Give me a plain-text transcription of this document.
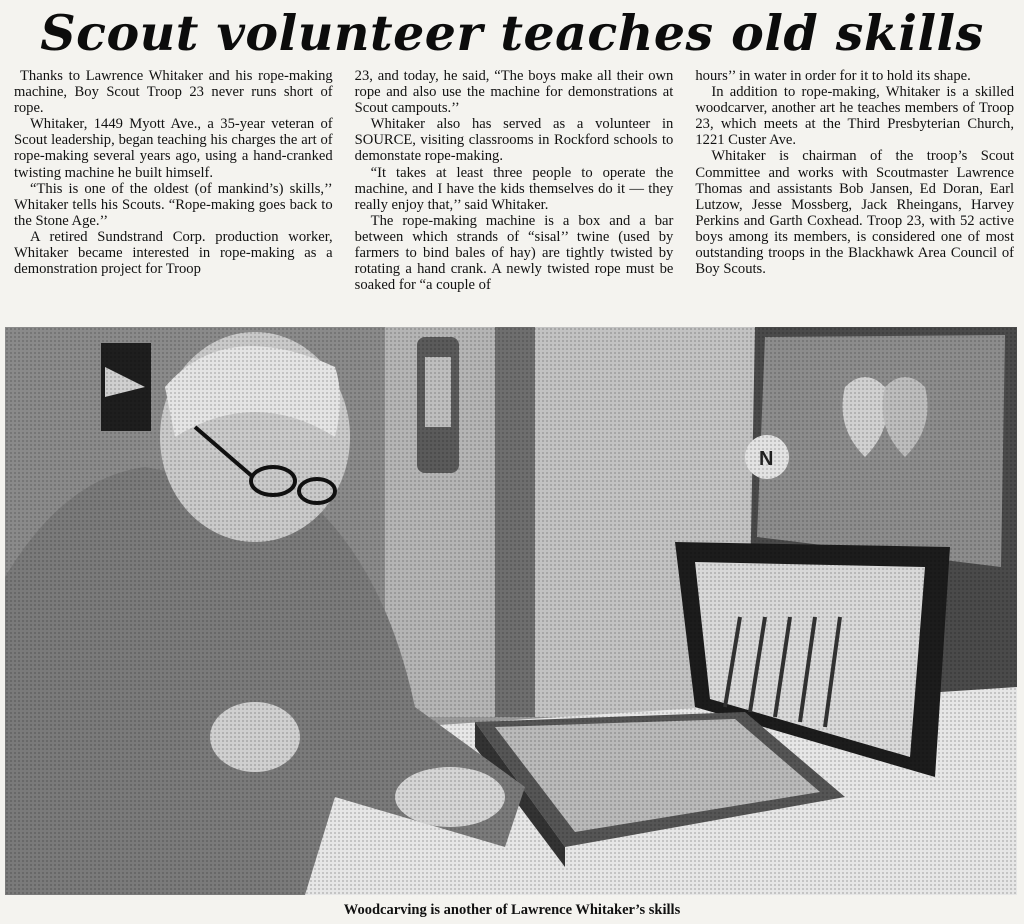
Scout volunteer teaches old skills

Thanks to Lawrence Whitaker and his rope-making machine, Boy Scout Troop 23 never runs short of rope.

Whitaker, 1449 Myott Ave., a 35-year veteran of Scout leadership, began teaching his charges the art of rope-making several years ago, using a hand-cranked twisting machine he built himself.

“This is one of the oldest (of mankind’s) skills,’’ Whitaker tells his Scouts. “Rope-making goes back to the Stone Age.’’

A retired Sundstrand Corp. production worker, Whitaker became interested in rope-making as a demonstration project for Troop

23, and today, he said, “The boys make all their own rope and also use the machine for demonstrations at Scout campouts.’’

Whitaker also has served as a volunteer in SOURCE, visiting classrooms in Rockford schools to demonstate rope-making.

“It takes at least three people to operate the machine, and I have the kids themselves do it — they really enjoy that,’’ said Whitaker.

The rope-making machine is a box and a bar between which strands of “sisal’’ twine (used by farmers to bind bales of hay) are tightly twisted by rotating a hand crank. A newly twisted rope must be soaked for “a couple of

hours’’ in water in order for it to hold its shape.

In addition to rope-making, Whitaker is a skilled woodcarver, another art he teaches members of Troop 23, which meets at the Third Presbyterian Church, 1221 Custer Ave.

Whitaker is chairman of the troop’s Scout Committee and works with Scoutmaster Lawrence Thomas and assistants Bob Jansen, Ed Doran, Earl Lutzow, Jesse Mossberg, Jack Rheingans, Harvey Perkins and Garth Coxhead. Troop 23, with 52 active boys among its members, is considered one of most outstanding troops in the Blackhawk Area Council of Boy Scouts.

Woodcarving is another of Lawrence Whitaker’s skills
